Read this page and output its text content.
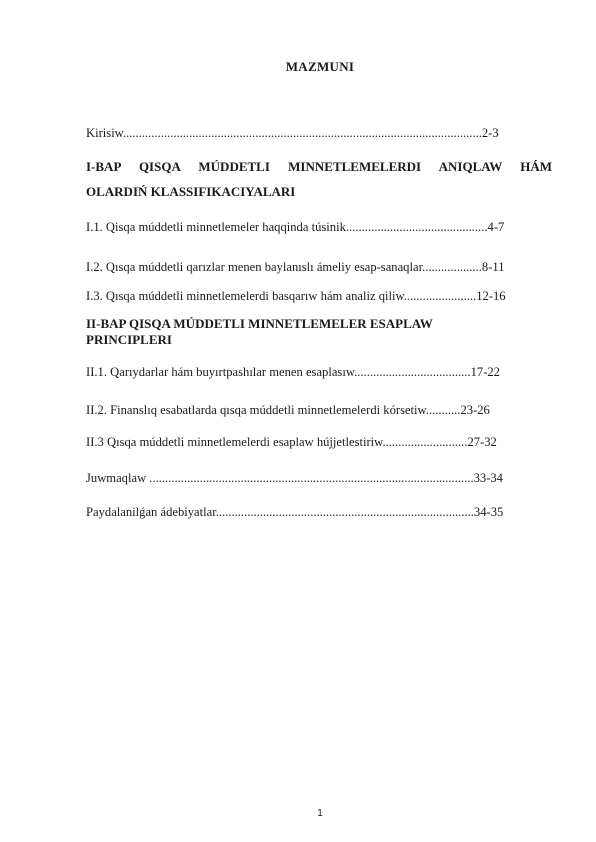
MAZMUNI
Kirisiw..................................................................................................................2-3
I-BAP QISQA MÚDDETLI MINNETLEMELERDI ANIQLAW HÁM
OLARDIŃ KLASSIFIKACIYALARI
I.1. Qisqa múddetli minnetlemeler haqqinda túsinik.............................................4-7
I.2. Qısqa múddetli qarızlar menen baylanıslı ámeliy esap-sanaqlar...................8-11
I.3. Qısqa múddetli minnetlemelerdi basqarıw hám analiz qiliw.......................12-16
II-BAP QISQA MÚDDETLI MINNETLEMELER ESAPLAW
PRINCIPLERI
II.1. Qarıydarlar hám buyırtpashılar menen esaplasıw.....................................17-22
II.2. Finanslıq esabatlarda qısqa múddetli minnetlemelerdi kórsetiw...........23-26
II.3 Qısqa múddetli minnetlemelerdi esaplaw hújjetlestiriw...........................27-32
Juwmaqlaw .......................................................................................................33-34
Paydalanilǵan ádebiyatlar..................................................................................34-35
1
